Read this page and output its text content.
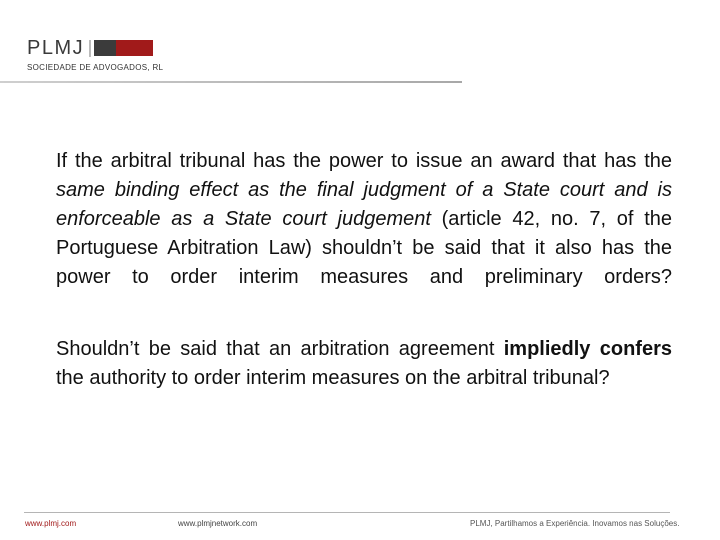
PLMJ
SOCIEDADE DE ADVOGADOS, RL

If the arbitral tribunal has the power to issue an award that has the same binding effect as the final judgment of a State court and is enforceable as a State court judgement (article 42, no. 7, of the Portuguese Arbitration Law) shouldn’t be said that it also has the power to order interim measures and preliminary orders?

Shouldn’t be said that an arbitration agreement impliedly confers the authority to order interim measures on the arbitral tribunal?

www.plmj.com	www.plmjnetwork.com	PLMJ, Partilhamos a Experiência. Inovamos nas Soluções.
